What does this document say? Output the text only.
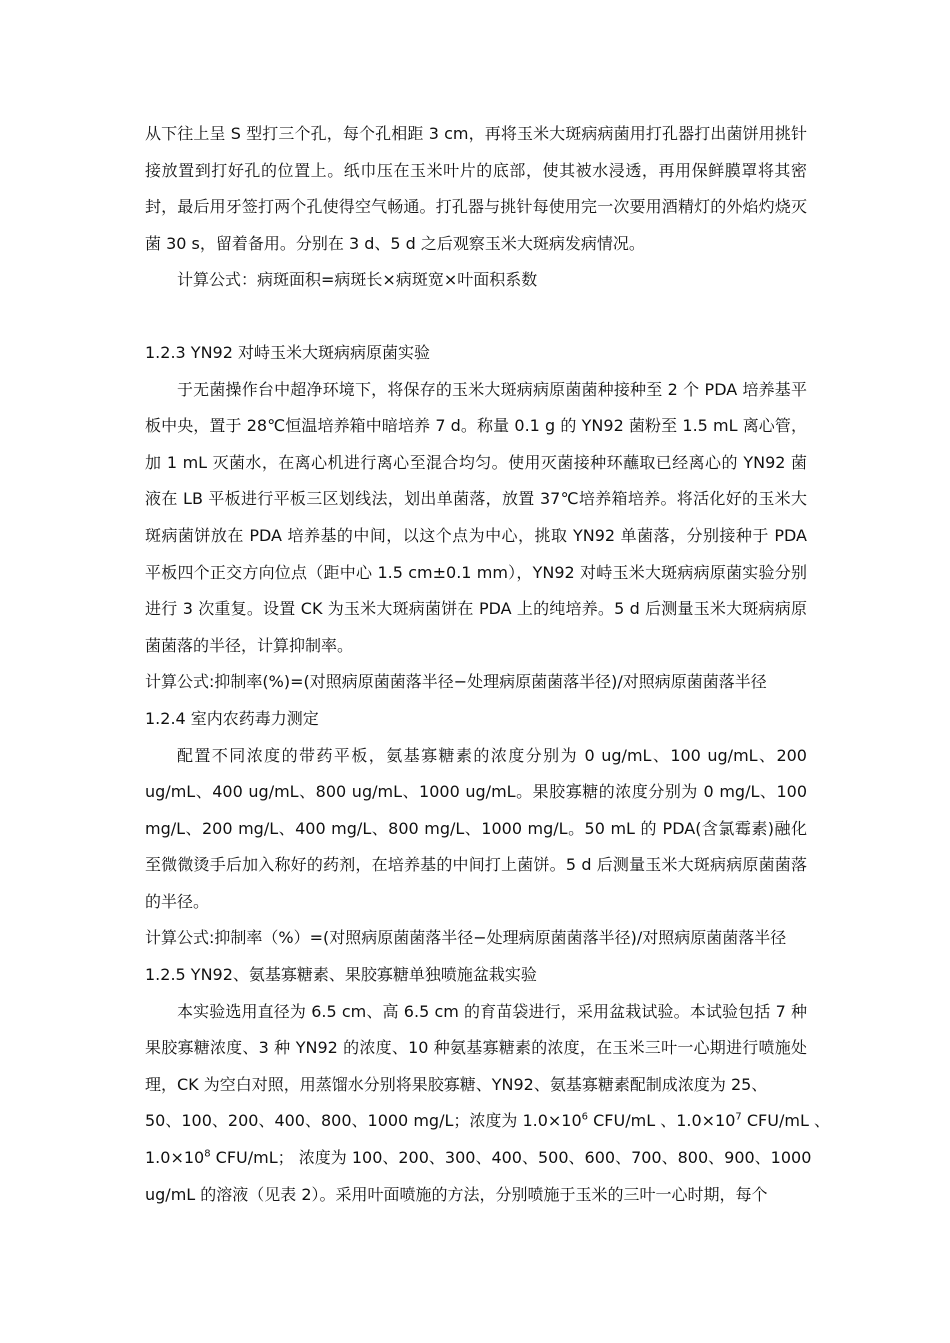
从下往上呈 S 型打三个孔，每个孔相距 3 cm，再将玉米大斑病病菌用打孔器打出菌饼用挑针接放置到打好孔的位置上。纸巾压在玉米叶片的底部，使其被水浸透，再用保鲜膜罩将其密封，最后用牙签打两个孔使得空气畅通。打孔器与挑针每使用完一次要用酒精灯的外焰灼烧灭菌 30 s，留着备用。分别在 3 d、5 d 之后观察玉米大斑病发病情况。

计算公式：病斑面积=病斑长×病斑宽×叶面积系数

1.2.3 YN92 对峙玉米大斑病病原菌实验

于无菌操作台中超净环境下，将保存的玉米大斑病病原菌菌种接种至 2 个 PDA 培养基平板中央，置于 28℃恒温培养箱中暗培养 7 d。称量 0.1 g 的 YN92 菌粉至 1.5 mL 离心管，加 1 mL 灭菌水，在离心机进行离心至混合均匀。使用灭菌接种环蘸取已经离心的 YN92 菌液在 LB 平板进行平板三区划线法，划出单菌落，放置 37℃培养箱培养。将活化好的玉米大斑病菌饼放在 PDA 培养基的中间，以这个点为中心，挑取 YN92 单菌落，分别接种于 PDA 平板四个正交方向位点（距中心 1.5 cm±0.1 mm），YN92 对峙玉米大斑病病原菌实验分别进行 3 次重复。设置 CK 为玉米大斑病菌饼在 PDA 上的纯培养。5 d 后测量玉米大斑病病原菌菌落的半径，计算抑制率。

计算公式:抑制率(%)=(对照病原菌菌落半径−处理病原菌菌落半径)/对照病原菌菌落半径

1.2.4 室内农药毒力测定

配置不同浓度的带药平板，氨基寡糖素的浓度分别为 0 ug/mL、100 ug/mL、200 ug/mL、400 ug/mL、800 ug/mL、1000 ug/mL。果胶寡糖的浓度分别为 0 mg/L、100 mg/L、200 mg/L、400 mg/L、800 mg/L、1000 mg/L。50 mL 的 PDA(含氯霉素)融化至微微烫手后加入称好的药剂，在培养基的中间打上菌饼。5 d 后测量玉米大斑病病原菌菌落的半径。

计算公式:抑制率（%）=(对照病原菌菌落半径−处理病原菌菌落半径)/对照病原菌菌落半径

1.2.5 YN92、氨基寡糖素、果胶寡糖单独喷施盆栽实验

本实验选用直径为 6.5 cm、高 6.5 cm 的育苗袋进行，采用盆栽试验。本试验包括 7 种果胶寡糖浓度、3 种 YN92 的浓度、10 种氨基寡糖素的浓度，在玉米三叶一心期进行喷施处理，CK 为空白对照，用蒸馏水分别将果胶寡糖、YN92、氨基寡糖素配制成浓度为 25、

50、100、200、400、800、1000 mg/L；浓度为 $1.0\times 10^6$ CFU/mL 、$1.0\times 10^7$ CFU/mL 、

$1.0\times 10^8$ CFU/mL； 浓度为 100、200、300、400、500、600、700、800、900、1000

ug/mL 的溶液（见表 2）。采用叶面喷施的方法，分别喷施于玉米的三叶一心时期，每个
